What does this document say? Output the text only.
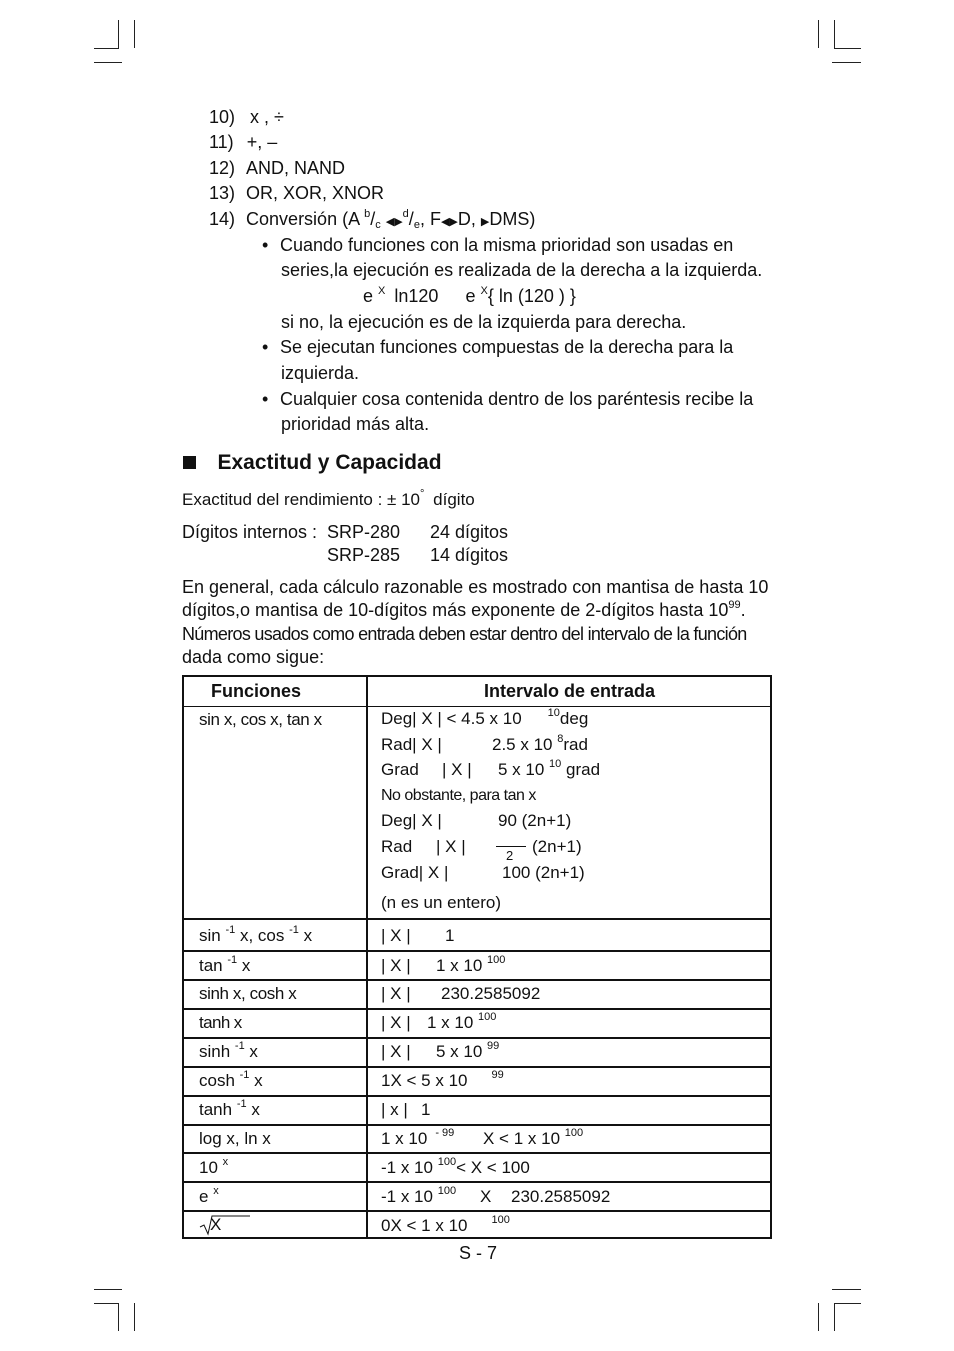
10) x , ÷
11) +, –
12) AND, NAND
13) OR, XOR, XNOR
14) Conversión (A $^b/_c$ $◀▶^d/_e$, F◀▶D, ▶DMS)
• Cuando funciones con la misma prioridad son usadas en
series,la ejecución es realizada de la derecha a la izquierda.
e $^X$ ln120 e $^X${ ln (120 ) }
si no, la ejecución es de la izquierda para derecha.
• Se ejecutan funciones compuestas de la derecha para la
izquierda.
• Cualquier cosa contenida dentro de los paréntesis recibe la
prioridad más alta.
Exactitud y Capacidad
Exactitud del rendimiento : ± 10° dígito
Dígitos internos : SRP-280 24 dígitos
SRP-285 14 dígitos
En general, cada cálculo razonable es mostrado con mantisa de hasta 10
dígitos,o mantisa de 10-dígitos más exponente de 2-dígitos hasta $10^{99}$.
Números usados como entrada deben estar dentro del intervalo de la función
dada como sigue:
Funciones	Intervalo de entrada
sin x, cos x, tan x	Deg| X | < 4.5 x 10 $^{10}$deg
Rad| X |	2.5 x 10 $^8$rad
Grad | X | 5 x 10 $^{10}$ grad
No obstante, para tan x
Deg| X |	90 (2n+1)
Rad | X |	2 (2n+1)
Grad| X |	100 (2n+1)
(n es un entero)
sin $^{-1}$ x, cos $^{-1}$ x	| X | 1
tan $^{-1}$ x	| X | 1 x 10 $^{100}$
sinh x, cosh x	| X | 230.2585092
tanh x	| X | 1 x 10 $^{100}$
sinh $^{-1}$ x	| X | 5 x 10 $^{99}$
cosh $^{-1}$ x	1X < 5 x 10 $^{99}$
tanh $^{-1}$ x	| x | 1
log x, ln x	1 x 10 $^{- 99}$ X < 1 x 10 $^{100}$
10 $^x$	-1 x 10 $^{100}$< X < 100
e $^x$	-1 x 10 $^{100}$ X 230.2585092
X	0X < 1 x 10 $^{100}$
S - 7
